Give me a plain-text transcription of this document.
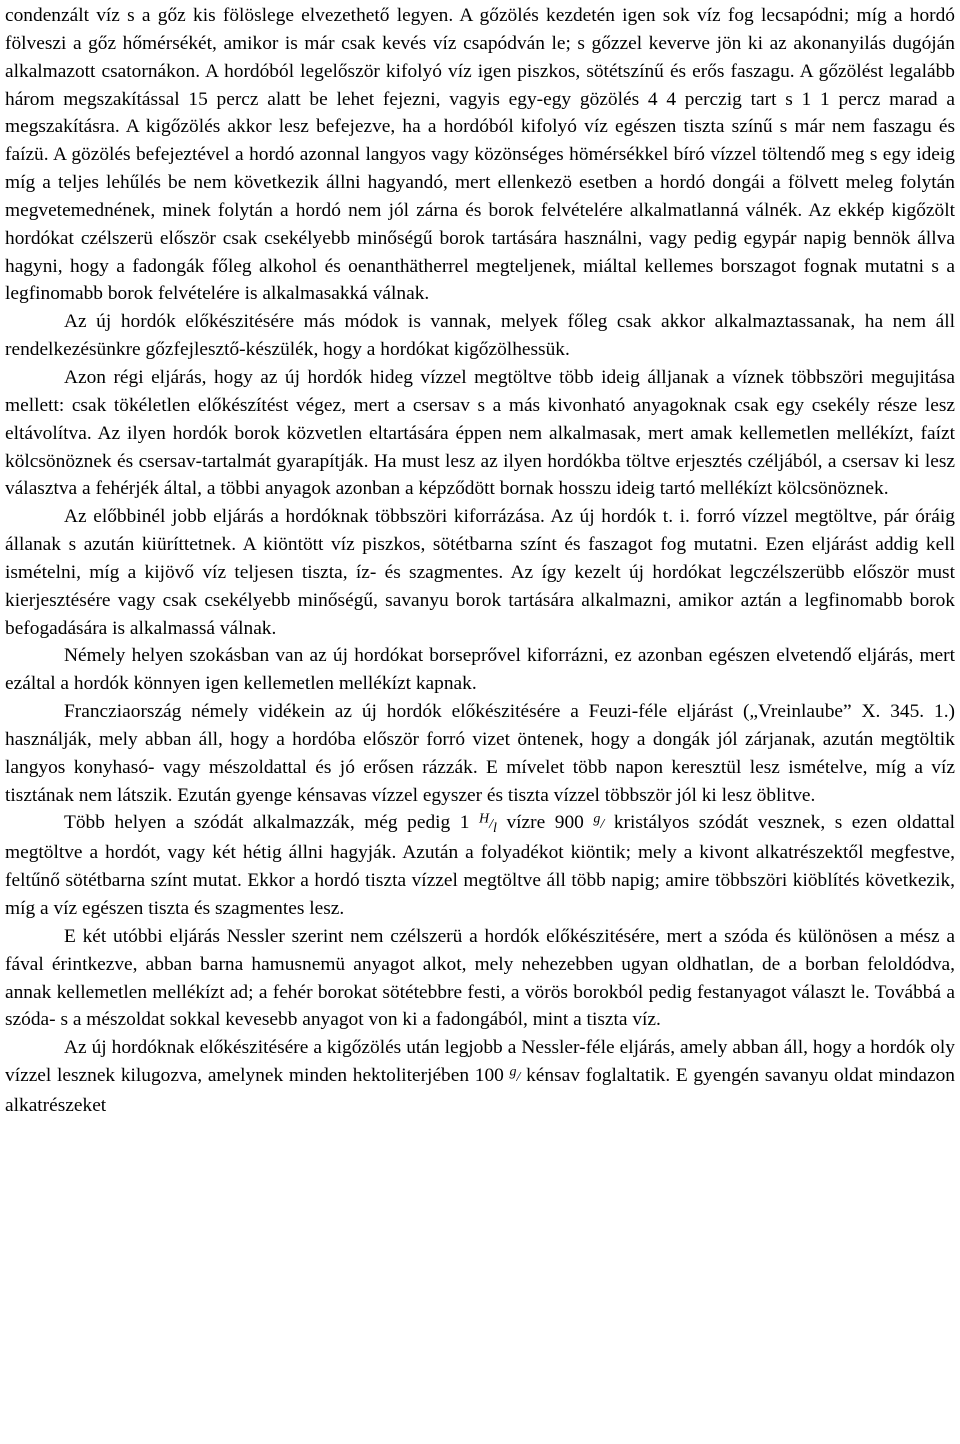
condenzált víz s a gőz kis fölöslege elvezethető legyen. A gőzölés kezdetén igen sok víz fog lecsapódni; míg a hordó fölveszi a gőz hőmérsékét, amikor is már csak kevés víz csapódván le; s gőzzel keverve jön ki az akonanyilás dugóján alkalmazott csatornákon. A hordóból legelőször kifolyó víz igen piszkos, sötétszínű és erős faszagu. A gőzölést legalább három megszakítással 15 percz alatt be lehet fejezni, vagyis egy-egy gözölés 4 4 perczig tart s 1 1 percz marad a megszakításra. A kigőzölés akkor lesz befejezve, ha a hordóból kifolyó víz egészen tiszta színű s már nem faszagu és faízü. A gözölés befejeztével a hordó azonnal langyos vagy közönséges hömérsékkel bíró vízzel töltendő meg s egy ideig míg a teljes lehűlés be nem következik állni hagyandó, mert ellenkezö esetben a hordó dongái a fölvett meleg folytán megvetemednének, minek folytán a hordó nem jól zárna és borok felvételére alkalmatlanná válnék. Az ekkép kigőzölt hordókat czélszerü először csak csekélyebb minőségű borok tartására használni, vagy pedig egypár napig bennök állva hagyni, hogy a fadongák főleg alkohol és oenanthätherrel megteljenek, miáltal kellemes borszagot fognak mutatni s a legfinomabb borok felvételére is alkalmasakká válnak.

Az új hordók előkészitésére más módok is vannak, melyek főleg csak akkor alkalmaztassanak, ha nem áll rendelkezésünkre gőzfejlesztő-készülék, hogy a hordókat kigőzölhessük.

Azon régi eljárás, hogy az új hordók hideg vízzel megtöltve több ideig álljanak a víznek többszöri megujitása mellett: csak tökéletlen előkészítést végez, mert a csersav s a más kivonható anyagoknak csak egy csekély része lesz eltávolítva. Az ilyen hordók borok közvetlen eltartására éppen nem alkalmasak, mert amak kellemetlen mellékízt, faízt kölcsönöznek és csersav-tartalmát gyarapítják. Ha must lesz az ilyen hordókba töltve erjesztés czéljából, a csersav ki lesz választva a fehérjék által, a többi anyagok azonban a képződött bornak hosszu ideig tartó mellékízt kölcsönöznek.

Az előbbinél jobb eljárás a hordóknak többszöri kiforrázása. Az új hordók t. i. forró vízzel megtöltve, pár óráig állanak s azután kiüríttetnek. A kiöntött víz piszkos, sötétbarna színt és faszagot fog mutatni. Ezen eljárást addig kell ismételni, míg a kijövő víz teljesen tiszta, íz- és szagmentes. Az így kezelt új hordókat legczélszerübb először must kierjesztésére vagy csak csekélyebb minőségű, savanyu borok tartására alkalmazni, amikor aztán a legfinomabb borok befogadására is alkalmassá válnak.

Némely helyen szokásban van az új hordókat borseprővel kiforrázni, ez azonban egészen elvetendő eljárás, mert ezáltal a hordók könnyen igen kellemetlen mellékízt kapnak.

Francziaország némely vidékein az új hordók előkészitésére a Feuzi-féle eljárást („Vreinlaube” X. 345. 1.) használják, mely abban áll, hogy a hordóba először forró vizet öntenek, hogy a dongák jól zárjanak, azután megtöltik langyos konyhasó- vagy mészoldattal és jó erősen rázzák. E mívelet több napon keresztül lesz ismételve, míg a víz tisztának nem látszik. Ezután gyenge kénsavas vízzel egyszer és tiszta vízzel többször jól ki lesz öblitve.

Több helyen a szódát alkalmazzák, még pedig 1 $^H/_l$ vízre 900 $^g$/ kristályos szódát vesznek, s ezen oldattal megtöltve a hordót, vagy két hétig állni hagyják. Azután a folyadékot kiöntik; mely a kivont alkatrészektől megfestve, feltűnő sötétbarna színt mutat. Ekkor a hordó tiszta vízzel megtöltve áll több napig; amire többszöri kiöblítés következik, míg a víz egészen tiszta és szagmentes lesz.

E két utóbbi eljárás Nessler szerint nem czélszerü a hordók előkészitésére, mert a szóda és különösen a mész a fával érintkezve, abban barna hamusnemü anyagot alkot, mely nehezebben ugyan oldhatlan, de a borban feloldódva, annak kellemetlen mellékízt ad; a fehér borokat sötétebbre festi, a vörös borokból pedig festanyagot választ le. Továbbá a szóda- s a mészoldat sokkal kevesebb anyagot von ki a fadongából, mint a tiszta víz.

Az új hordóknak előkészitésére a kigőzölés után legjobb a Nessler-féle eljárás, amely abban áll, hogy a hordók oly vízzel lesznek kilugozva, amelynek minden hektoliterjében 100 $^g$/ kénsav foglaltatik. E gyengén savanyu oldat mindazon alkatrészeket
